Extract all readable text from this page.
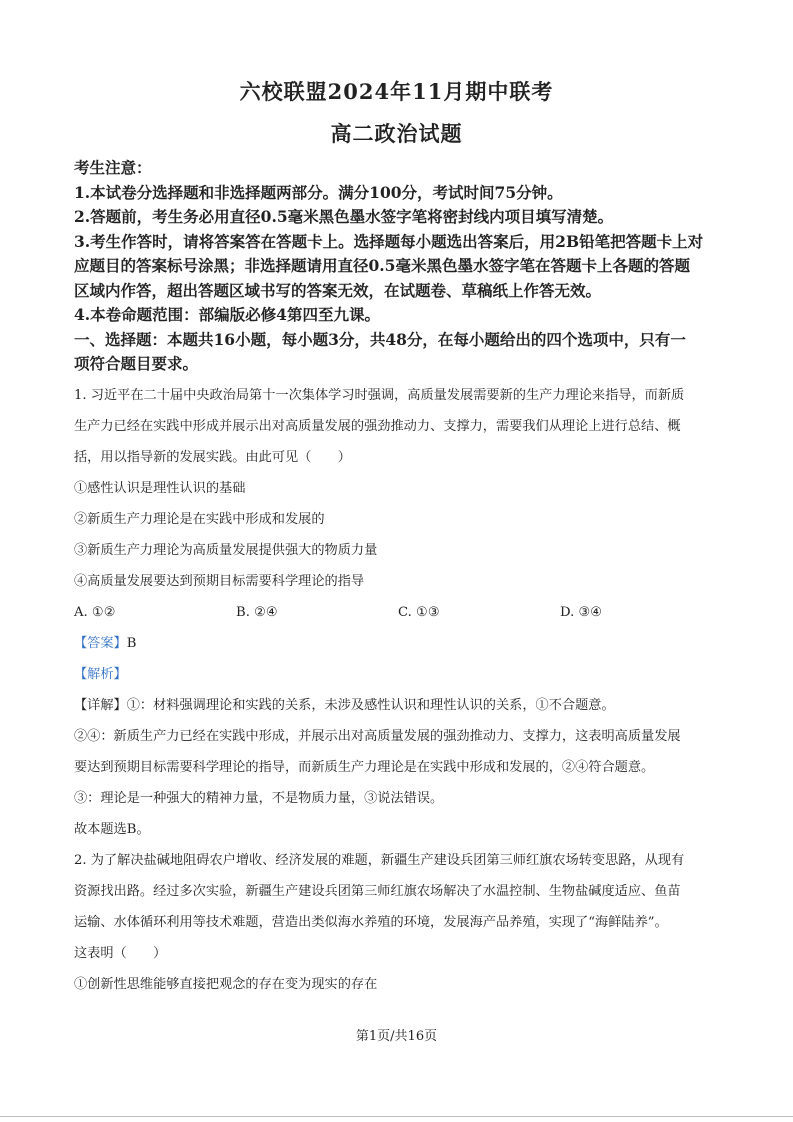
六校联盟2024年11月期中联考
高二政治试题

考生注意：

1.本试卷分选择题和非选择题两部分。满分100分，考试时间75分钟。

2.答题前，考生务必用直径0.5毫米黑色墨水签字笔将密封线内项目填写清楚。

3.考生作答时，请将答案答在答题卡上。选择题每小题选出答案后，用2B铅笔把答题卡上对

应题目的答案标号涂黑；非选择题请用直径0.5毫米黑色墨水签字笔在答题卡上各题的答题

区域内作答，超出答题区域书写的答案无效，在试题卷、草稿纸上作答无效。

4.本卷命题范围：部编版必修4第四至九课。

一、选择题：本题共16小题，每小题3分，共48分，在每小题给出的四个选项中，只有一

项符合题目要求。

1. 习近平在二十届中央政治局第十一次集体学习时强调，高质量发展需要新的生产力理论来指导，而新质

生产力已经在实践中形成并展示出对高质量发展的强劲推动力、支撑力，需要我们从理论上进行总结、概

括，用以指导新的发展实践。由此可见（　　）

①感性认识是理性认识的基础

②新质生产力理论是在实践中形成和发展的

③新质生产力理论为高质量发展提供强大的物质力量

④高质量发展要达到预期目标需要科学理论的指导

A. ①②	B. ②④	C. ①③	D. ③④

【答案】B

【解析】

【详解】①：材料强调理论和实践的关系，未涉及感性认识和理性认识的关系，①不合题意。

②④：新质生产力已经在实践中形成，并展示出对高质量发展的强劲推动力、支撑力，这表明高质量发展

要达到预期目标需要科学理论的指导，而新质生产力理论是在实践中形成和发展的，②④符合题意。

③：理论是一种强大的精神力量，不是物质力量，③说法错误。

故本题选B。

2. 为了解决盐碱地阻碍农户增收、经济发展的难题，新疆生产建设兵团第三师红旗农场转变思路，从现有

资源找出路。经过多次实验，新疆生产建设兵团第三师红旗农场解决了水温控制、生物盐碱度适应、鱼苗

运输、水体循环利用等技术难题，营造出类似海水养殖的环境，发展海产品养殖，实现了“海鲜陆养”。

这表明（　　）

①创新性思维能够直接把观念的存在变为现实的存在

第1页/共16页
